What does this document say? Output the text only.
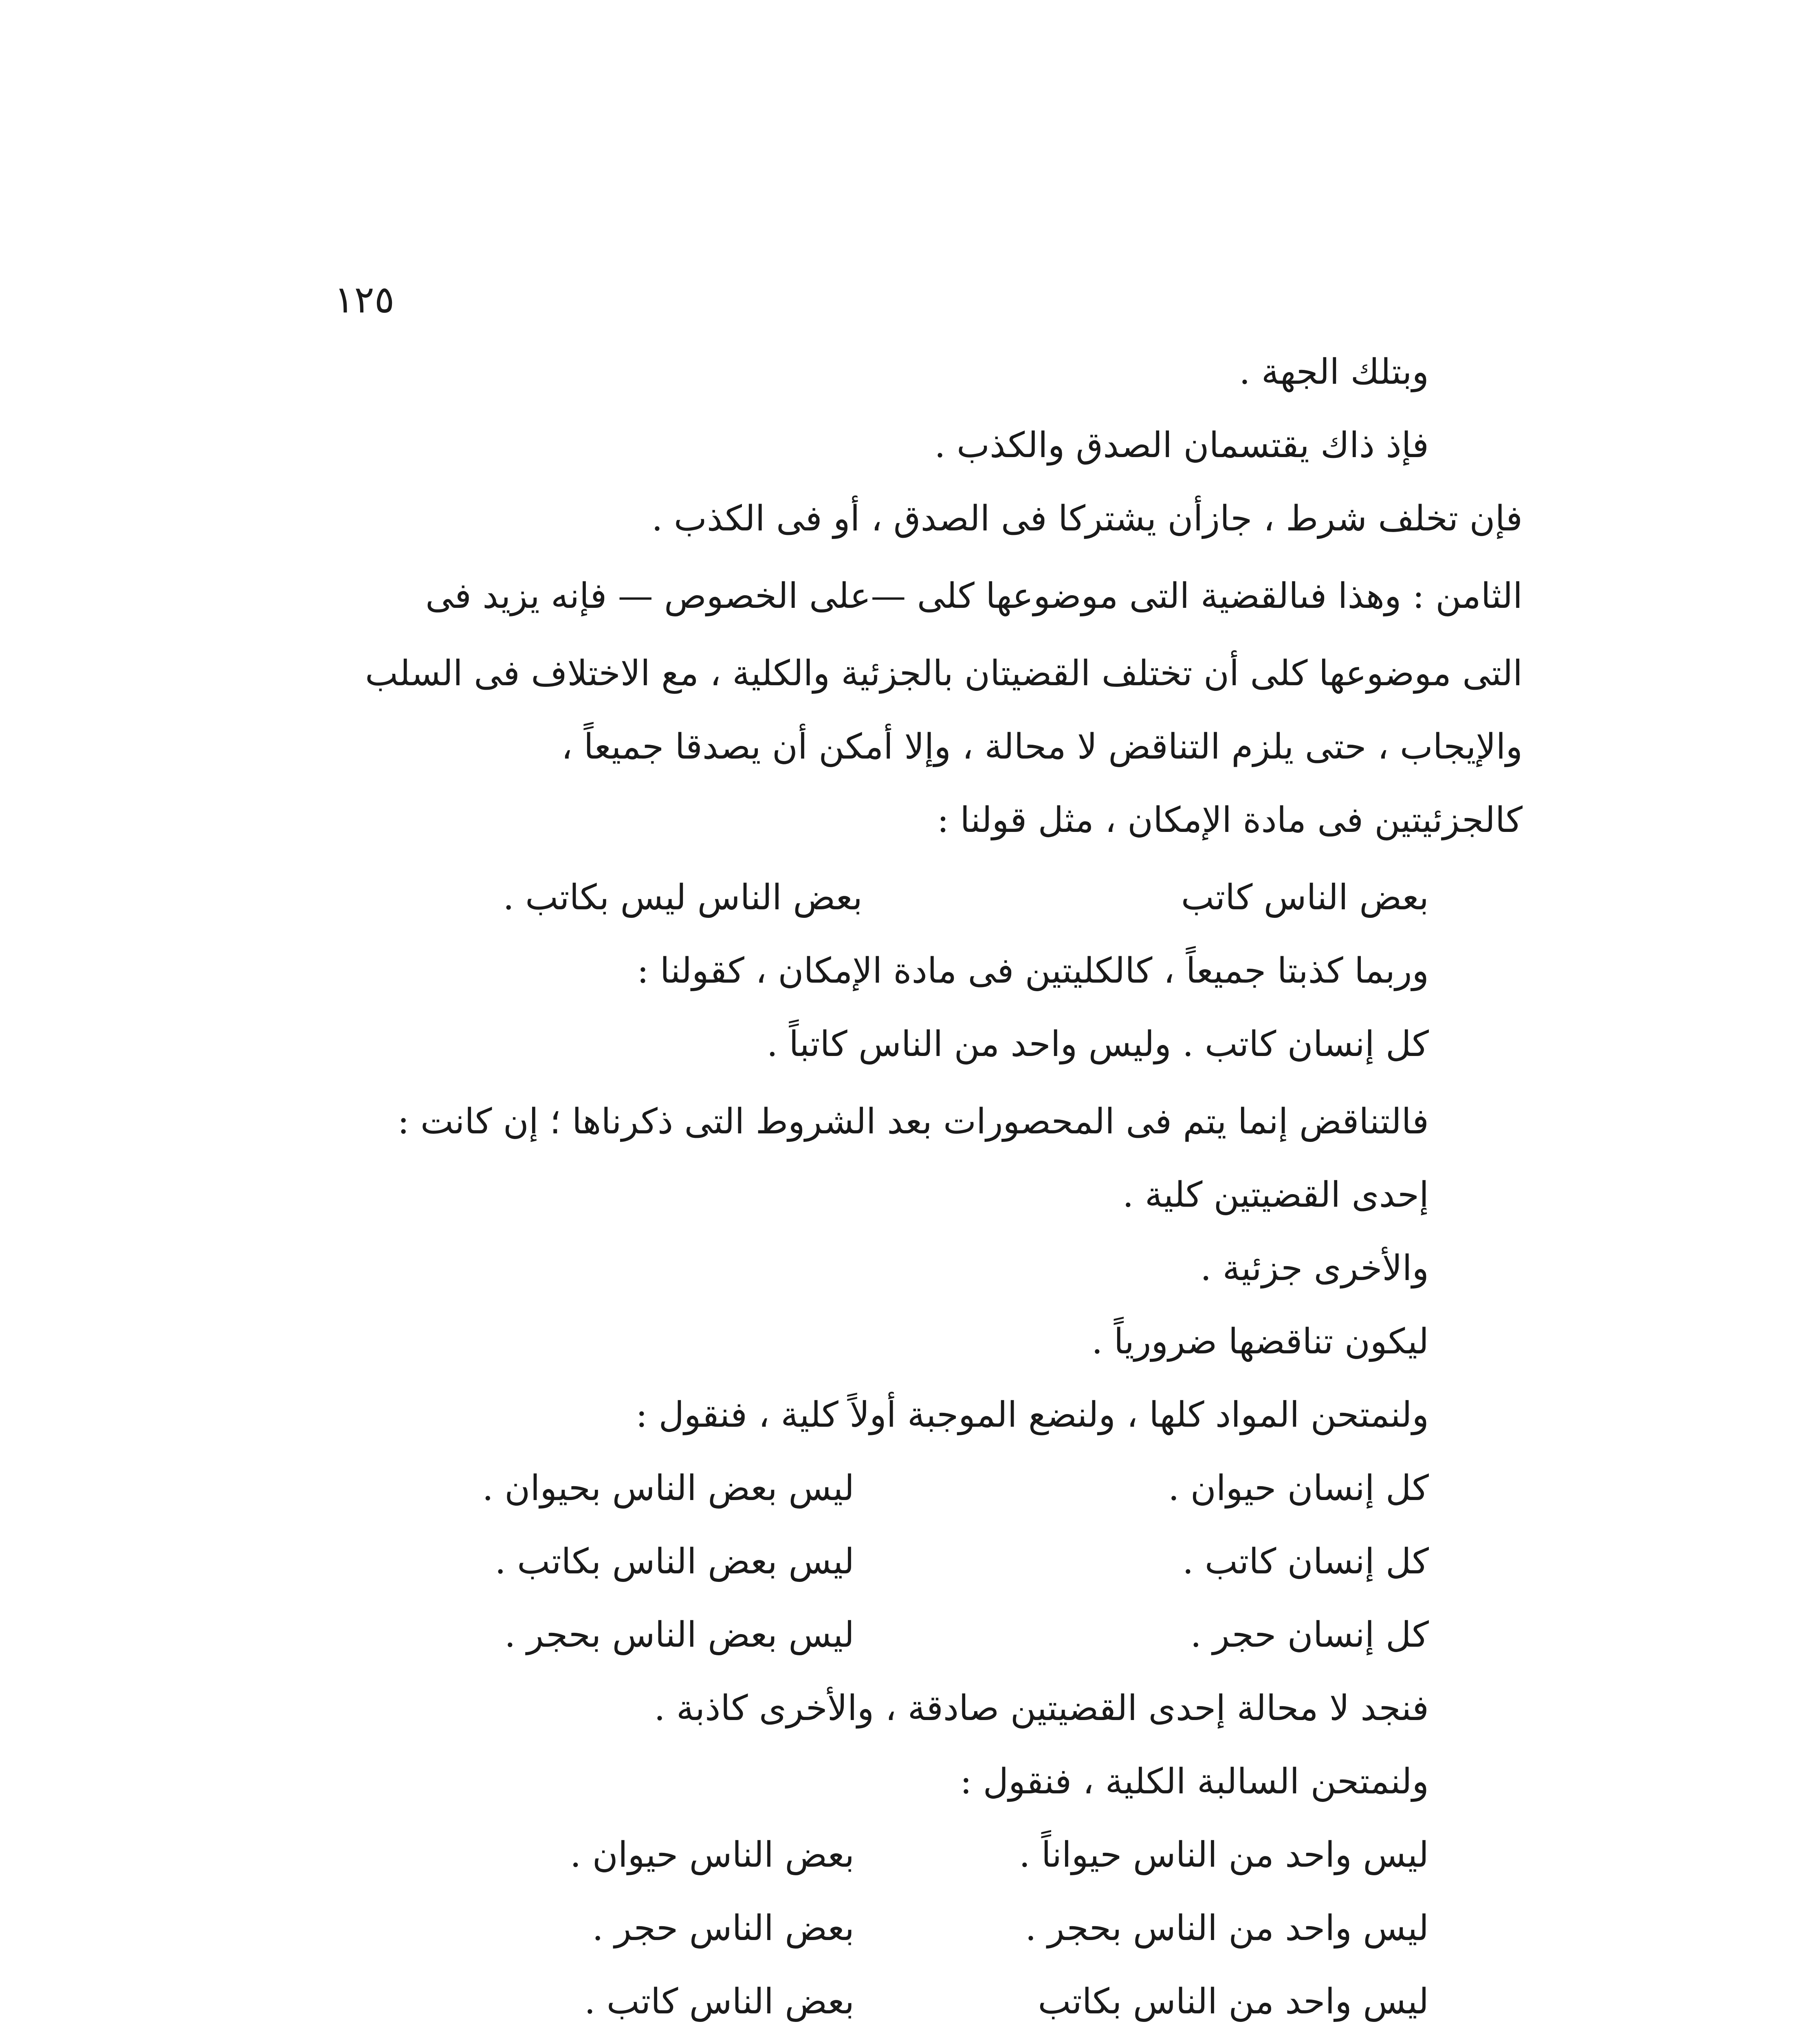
١٢٥
وبتلك الجهة .
فإذ ذاك يقتسمان الصدق والكذب .
فإن تخلف شرط ، جازأن يشتركا فى الصدق ، أو فى الكذب .
الثامن : وهذا فىالقضية التى موضوعها كلى —على الخصوص — فإنه يزيد فى
التى موضوعها كلى أن تختلف القضيتان بالجزئية والكلية ، مع الاختلاف فى السلب
والإيجاب ، حتى يلزم التناقض لا محالة ، وإلا أمكن أن يصدقا جميعاً ،
كالجزئيتين فى مادة الإمكان ، مثل قولنا :
بعض الناس كاتب
بعض الناس ليس بكاتب .
وربما كذبتا جميعاً ، كالكليتين فى مادة الإمكان ، كقولنا :
كل إنسان كاتب . وليس واحد من الناس كاتباً .
فالتناقض إنما يتم فى المحصورات بعد الشروط التى ذكرناها ؛ إن كانت :
إحدى القضيتين كلية .
والأخرى جزئية .
ليكون تناقضها ضرورياً .
ولنمتحن المواد كلها ، ولنضع الموجبة أولاً كلية ، فنقول :
كل إنسان حيوان .
ليس بعض الناس بحيوان .
كل إنسان كاتب .
ليس بعض الناس بكاتب .
كل إنسان حجر .
ليس بعض الناس بحجر .
فنجد لا محالة إحدى القضيتين صادقة ، والأخرى كاذبة .
ولنمتحن السالبة الكلية ، فنقول :
ليس واحد من الناس حيواناً .
بعض الناس حيوان .
ليس واحد من الناس بحجر .
بعض الناس حجر .
ليس واحد من الناس بكاتب
بعض الناس كاتب .
